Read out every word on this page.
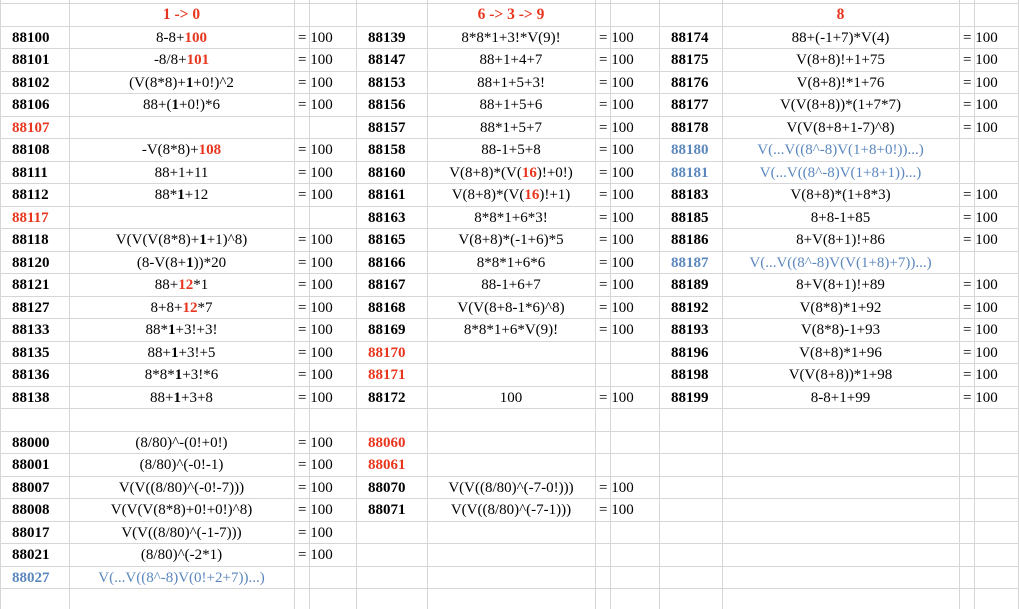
1 -> 0	6 -> 3 -> 9	8
88100	8-8+100	= 100
88101	-8/8+101	= 100
88102	(V(8*8)+1+0!)^2	= 100
88106	88+(1+0!)*6	= 100
88107
88108	-V(8*8)+108	= 100
88111	88+1+11	= 100
88112	88*1+12	= 100
88117
88118	V(V(V(8*8)+1+1)^8)	= 100
88120	(8-V(8+1))*20	= 100
88121	88+12*1	= 100
88127	8+8+12*7	= 100
88133	88*1+3!+3!	= 100
88135	88+1+3!+5	= 100
88136	8*8*1+3!*6	= 100
88138	88+1+3+8	= 100
88139	8*8*1+3!*V(9)!	= 100
88147	88+1+4+7	= 100
88153	88+1+5+3!	= 100
88156	88+1+5+6	= 100
88157	88*1+5+7	= 100
88158	88-1+5+8	= 100
88160	V(8+8)*(V(16)!+0!)	= 100
88161	V(8+8)*(V(16)!+1)	= 100
88163	8*8*1+6*3!	= 100
88165	V(8+8)*(-1+6)*5	= 100
88166	8*8*1+6*6	= 100
88167	88-1+6+7	= 100
88168	V(V(8+8-1*6)^8)	= 100
88169	8*8*1+6*V(9)!	= 100
88170
88171
88172	100	= 100
88174	88+(-1+7)*V(4)	= 100
88175	V(8+8)!+1+75	= 100
88176	V(8+8)!*1+76	= 100
88177	V(V(8+8))*(1+7*7)	= 100
88178	V(V(8+8+1-7)^8)	= 100
88180	V(...V((8^-8)V(1+8+0!))...)
88181	V(...V((8^-8)V(1+8+1))...)
88183	V(8+8)*(1+8*3)	= 100
88185	8+8-1+85	= 100
88186	8+V(8+1)!+86	= 100
88187	V(...V((8^-8)V(V(1+8)+7))...)
88189	8+V(8+1)!+89	= 100
88192	V(8*8)*1+92	= 100
88193	V(8*8)-1+93	= 100
88196	V(8+8)*1+96	= 100
88198	V(V(8+8))*1+98	= 100
88199	8-8+1+99	= 100
88000	(8/80)^-(0!+0!)	= 100
88001	(8/80)^(-0!-1)	= 100
88007	V(V((8/80)^(-0!-7)))	= 100
88008	V(V(V(8*8)+0!+0!)^8)	= 100
88017	V(V((8/80)^(-1-7)))	= 100
88021	(8/80)^(-2*1)	= 100
88027	V(...V((8^-8)V(0!+2+7))...)
88060
88061
88070	V(V((8/80)^(-7-0!)))	= 100
88071	V(V((8/80)^(-7-1)))	= 100
